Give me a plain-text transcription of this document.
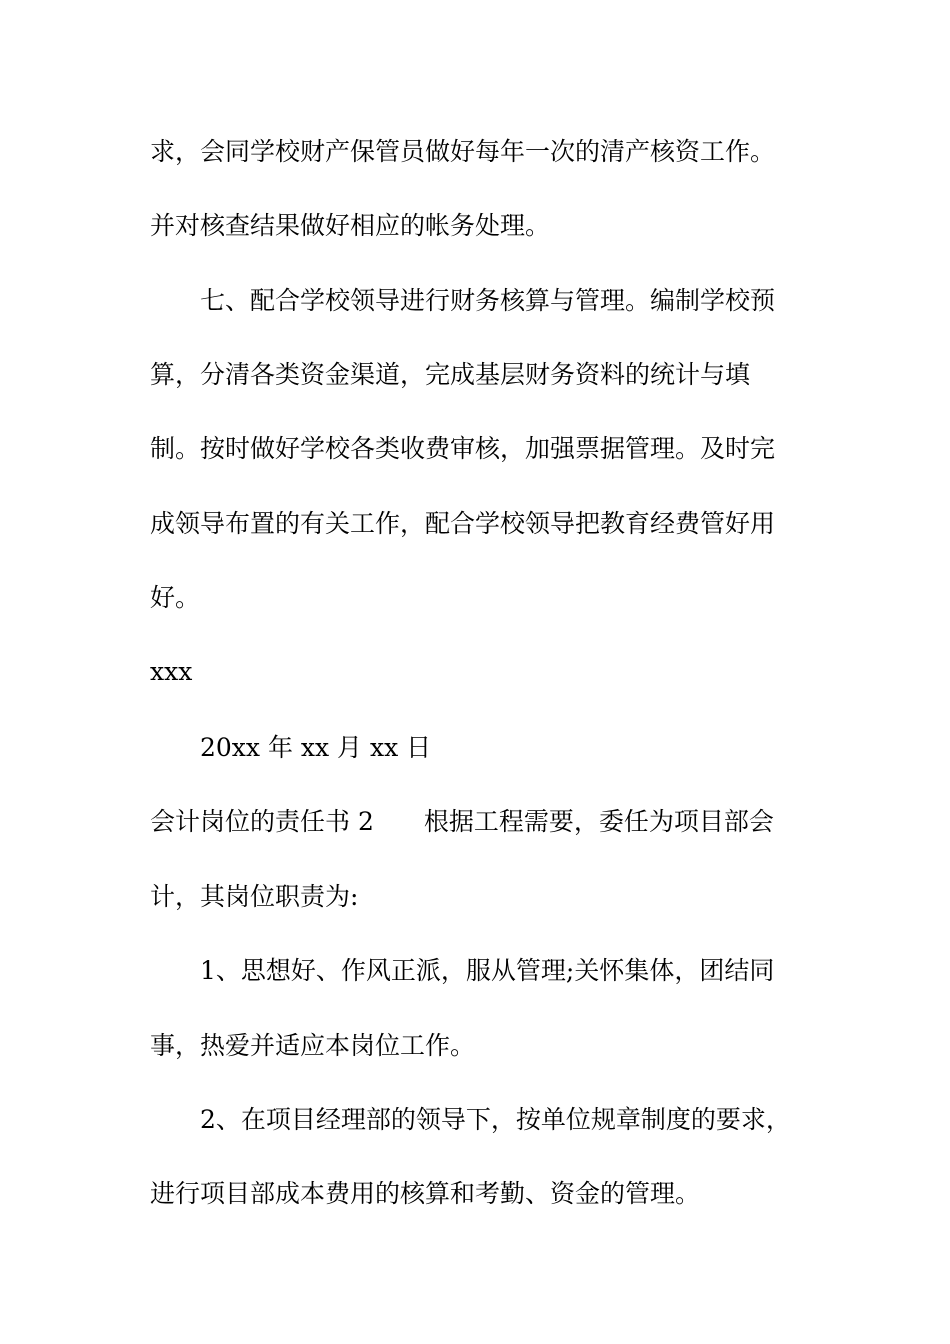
求，会同学校财产保管员做好每年一次的清产核资工作。
并对核查结果做好相应的帐务处理。
七、配合学校领导进行财务核算与管理。编制学校预
算，分清各类资金渠道，完成基层财务资料的统计与填
制。按时做好学校各类收费审核，加强票据管理。及时完
成领导布置的有关工作，配合学校领导把教育经费管好用
好。
xxx
20xx 年 xx 月 xx 日
会计岗位的责任书 2　　根据工程需要，委任为项目部会
计，其岗位职责为:
1、思想好、作风正派，服从管理;关怀集体，团结同
事，热爱并适应本岗位工作。
2、在项目经理部的领导下，按单位规章制度的要求，
进行项目部成本费用的核算和考勤、资金的管理。
